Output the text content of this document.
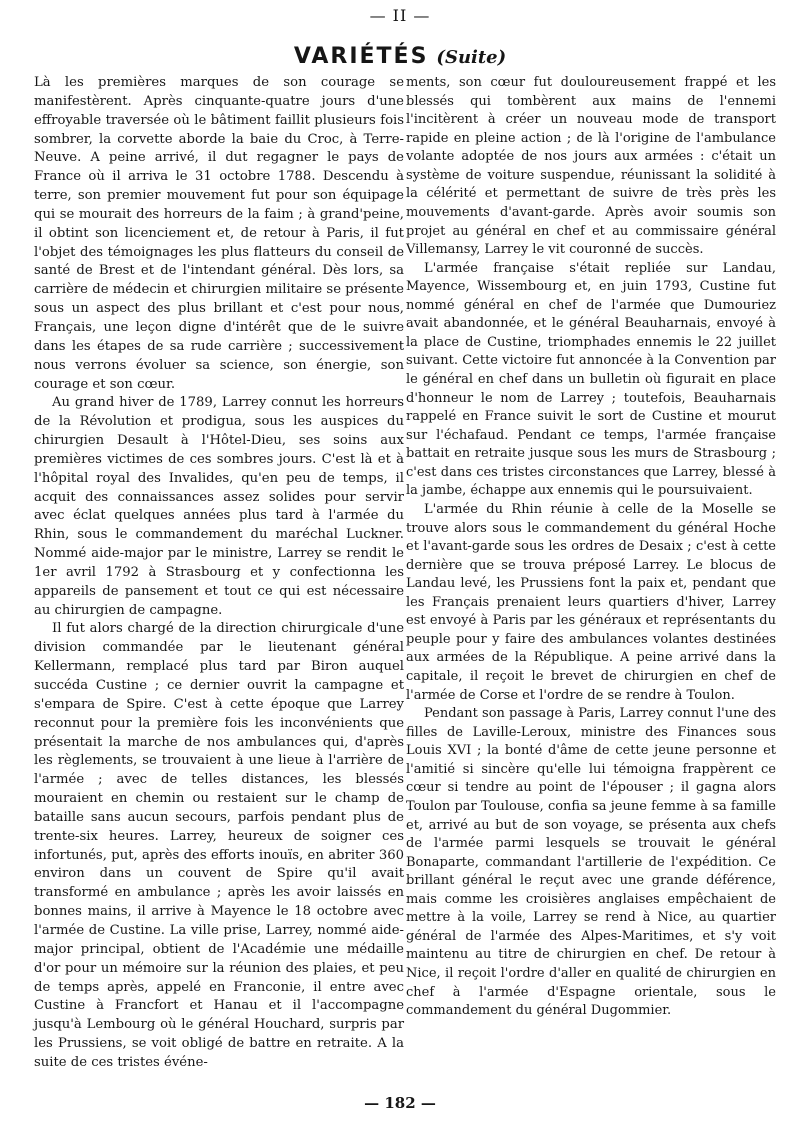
— II —
VARIÉTÉS (Suite)

Là les premières marques de son courage se manifestèrent. Après cinquante-quatre jours d'une effroyable traversée où le bâtiment faillit plusieurs fois sombrer, la corvette aborde la baie du Croc, à Terre-Neuve. A peine arrivé, il dut regagner le pays de France où il arriva le 31 octobre 1788. Descendu à terre, son premier mouvement fut pour son équipage qui se mourait des horreurs de la faim ; à grand'peine, il obtint son licenciement et, de retour à Paris, il fut l'objet des témoignages les plus flatteurs du conseil de santé de Brest et de l'intendant général. Dès lors, sa carrière de médecin et chirurgien militaire se présente sous un aspect des plus brillant et c'est pour nous, Français, une leçon digne d'intérêt que de le suivre dans les étapes de sa rude carrière ; successivement nous verrons évoluer sa science, son énergie, son courage et son cœur.

Au grand hiver de 1789, Larrey connut les horreurs de la Révolution et prodigua, sous les auspices du chirurgien Desault à l'Hôtel-Dieu, ses soins aux premières victimes de ces sombres jours. C'est là et à l'hôpital royal des Invalides, qu'en peu de temps, il acquit des connaissances assez solides pour servir avec éclat quelques années plus tard à l'armée du Rhin, sous le commandement du maréchal Luckner. Nommé aide-major par le ministre, Larrey se rendit le 1er avril 1792 à Strasbourg et y confectionna les appareils de pansement et tout ce qui est nécessaire au chirurgien de campagne.

Il fut alors chargé de la direction chirurgicale d'une division commandée par le lieutenant général Kellermann, remplacé plus tard par Biron auquel succéda Custine ; ce dernier ouvrit la campagne et s'empara de Spire. C'est à cette époque que Larrey reconnut pour la première fois les inconvénients que présentait la marche de nos ambulances qui, d'après les règlements, se trouvaient à une lieue à l'arrière de l'armée ; avec de telles distances, les blessés mouraient en chemin ou restaient sur le champ de bataille sans aucun secours, parfois pendant plus de trente-six heures. Larrey, heureux de soigner ces infortunés, put, après des efforts inouïs, en abriter 360 environ dans un couvent de Spire qu'il avait transformé en ambulance ; après les avoir laissés en bonnes mains, il arrive à Mayence le 18 octobre avec l'armée de Custine. La ville prise, Larrey, nommé aide-major principal, obtient de l'Académie une médaille d'or pour un mémoire sur la réunion des plaies, et peu de temps après, appelé en Franconie, il entre avec Custine à Francfort et Hanau et il l'accompagne jusqu'à Lembourg où le général Houchard, surpris par les Prussiens, se voit obligé de battre en retraite. A la suite de ces tristes événe-

ments, son cœur fut douloureusement frappé et les blessés qui tombèrent aux mains de l'ennemi l'incitèrent à créer un nouveau mode de transport rapide en pleine action ; de là l'origine de l'ambulance volante adoptée de nos jours aux armées : c'était un système de voiture suspendue, réunissant la solidité à la célérité et permettant de suivre de très près les mouvements d'avant-garde. Après avoir soumis son projet au général en chef et au commissaire général Villemansy, Larrey le vit couronné de succès.

L'armée française s'était repliée sur Landau, Mayence, Wissembourg et, en juin 1793, Custine fut nommé général en chef de l'armée que Dumouriez avait abandonnée, et le général Beauharnais, envoyé à la place de Custine, triomphades ennemis le 22 juillet suivant. Cette victoire fut annoncée à la Convention par le général en chef dans un bulletin où figurait en place d'honneur le nom de Larrey ; toutefois, Beauharnais rappelé en France suivit le sort de Custine et mourut sur l'échafaud. Pendant ce temps, l'armée française battait en retraite jusque sous les murs de Strasbourg ; c'est dans ces tristes circonstances que Larrey, blessé à la jambe, échappe aux ennemis qui le poursuivaient.

L'armée du Rhin réunie à celle de la Moselle se trouve alors sous le commandement du général Hoche et l'avant-garde sous les ordres de Desaix ; c'est à cette dernière que se trouva préposé Larrey. Le blocus de Landau levé, les Prussiens font la paix et, pendant que les Français prenaient leurs quartiers d'hiver, Larrey est envoyé à Paris par les généraux et représentants du peuple pour y faire des ambulances volantes destinées aux armées de la République. A peine arrivé dans la capitale, il reçoit le brevet de chirurgien en chef de l'armée de Corse et l'ordre de se rendre à Toulon.

Pendant son passage à Paris, Larrey connut l'une des filles de Laville-Leroux, ministre des Finances sous Louis XVI ; la bonté d'âme de cette jeune personne et l'amitié si sincère qu'elle lui témoigna frappèrent ce cœur si tendre au point de l'épouser ; il gagna alors Toulon par Toulouse, confia sa jeune femme à sa famille et, arrivé au but de son voyage, se présenta aux chefs de l'armée parmi lesquels se trouvait le général Bonaparte, commandant l'artillerie de l'expédition. Ce brillant général le reçut avec une grande déférence, mais comme les croisières anglaises empêchaient de mettre à la voile, Larrey se rend à Nice, au quartier général de l'armée des Alpes-Maritimes, et s'y voit maintenu au titre de chirurgien en chef. De retour à Nice, il reçoit l'ordre d'aller en qualité de chirurgien en chef à l'armée d'Espagne orientale, sous le commandement du général Dugommier.

— 182 —
